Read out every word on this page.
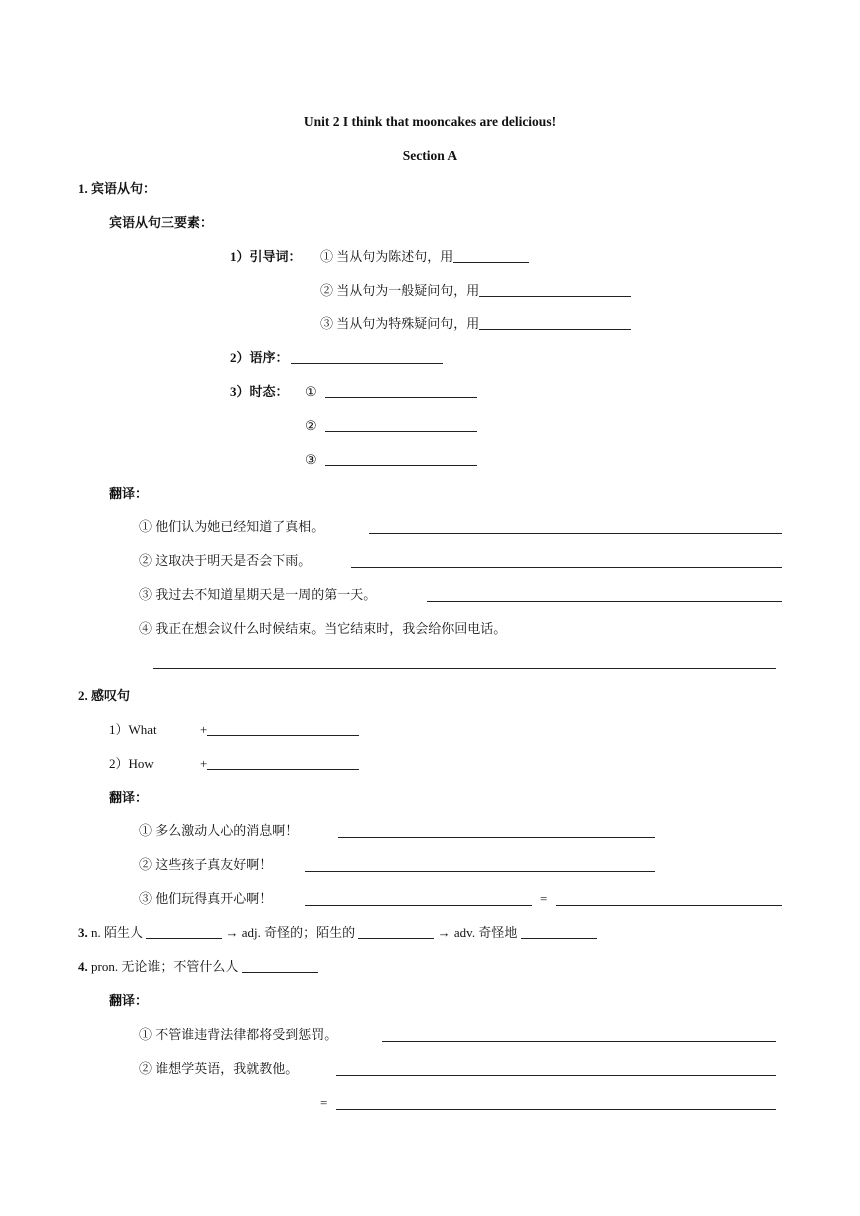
Unit 2 I think that mooncakes are delicious!
Section A
1. 宾语从句：
宾语从句三要素：
1）引导词： ① 当从句为陈述句，用
② 当从句为一般疑问句，用
③ 当从句为特殊疑问句，用
2）语序：
3）时态： ①
②
③
翻译：
① 他们认为她已经知道了真相。
② 这取决于明天是否会下雨。
③ 我过去不知道星期天是一周的第一天。
④ 我正在想会议什么时候结束。当它结束时，我会给你回电话。
2. 感叹句
1）What	+
2）How	+
翻译：
① 多么激动人心的消息啊！
② 这些孩子真友好啊！
③ 他们玩得真开心啊！	=
3. n. 陌生人	→ adj. 奇怪的；陌生的	→ adv. 奇怪地
4. pron. 无论谁；不管什么人
翻译：
① 不管谁违背法律都将受到惩罚。
② 谁想学英语，我就教他。
=
